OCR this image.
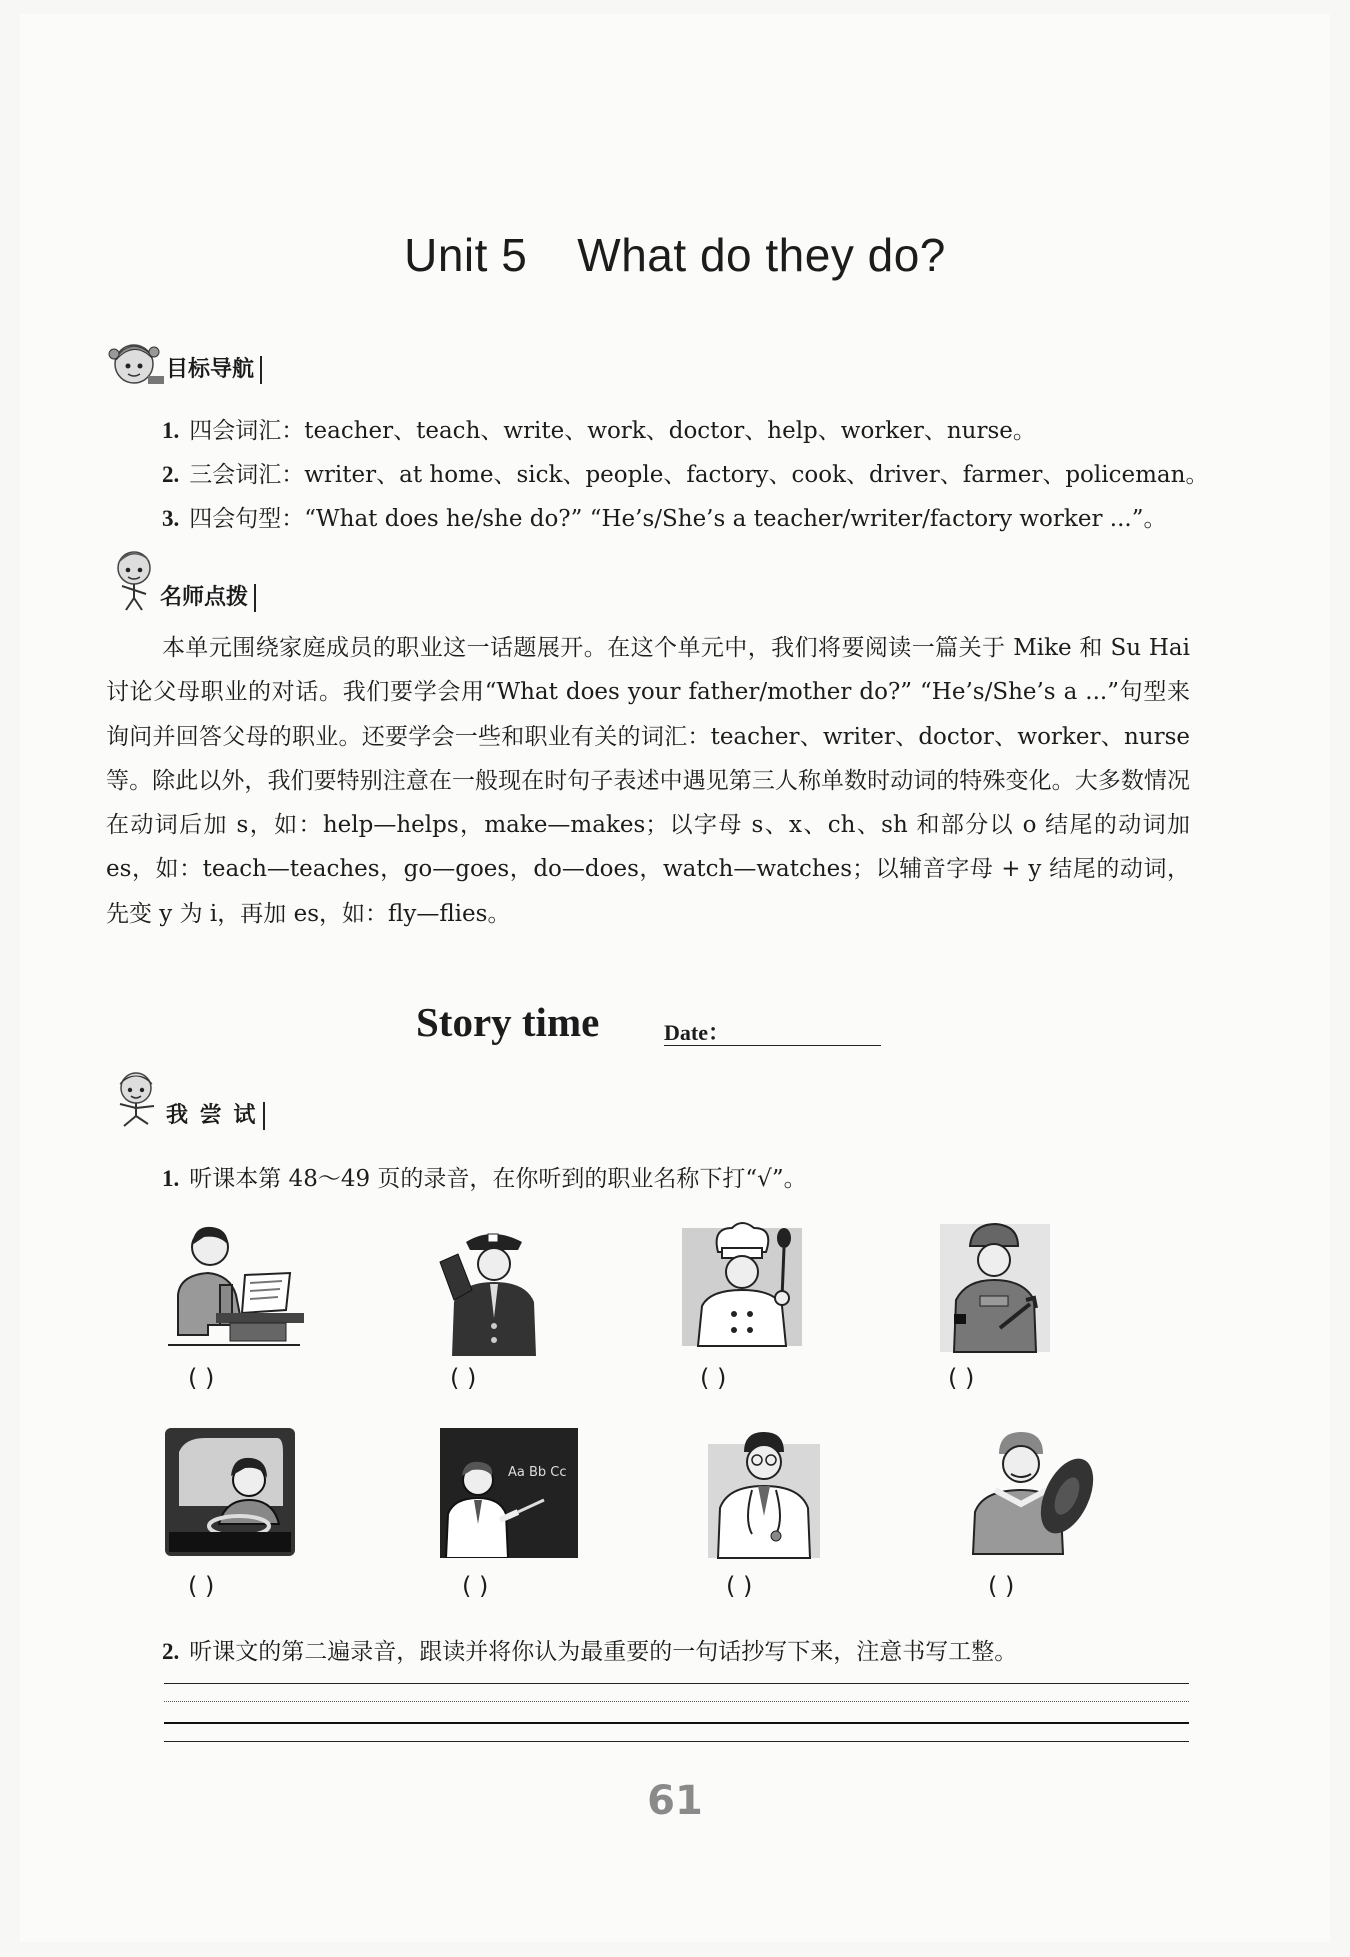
Unit 5 What do they do?
目标导航
1. 四会词汇：teacher、teach、write、work、doctor、help、worker、nurse。
2. 三会词汇：writer、at home、sick、people、factory、cook、driver、farmer、policeman。
3. 四会句型：“What does he/she do?” “He’s/She’s a teacher/writer/factory worker ...”。
名师点拨

本单元围绕家庭成员的职业这一话题展开。在这个单元中，我们将要阅读一篇关于 Mike 和 Su Hai 讨论父母职业的对话。我们要学会用“What does your father/mother do?” “He’s/She’s a ...”句型来询问并回答父母的职业。还要学会一些和职业有关的词汇：teacher、writer、doctor、worker、nurse 等。除此以外，我们要特别注意在一般现在时句子表述中遇见第三人称单数时动词的特殊变化。大多数情况在动词后加 s，如：help—helps，make—makes；以字母 s、x、ch、sh 和部分以 o 结尾的动词加 es，如：teach—teaches，go—goes，do—does，watch—watches；以辅音字母 + y 结尾的动词，先变 y 为 i，再加 es，如：fly—flies。

Story time	Date：
我 尝 试
1. 听课本第 48～49 页的录音，在你听到的职业名称下打“√”。
( )	( )	( )	( )
Aa Bb Cc
( )	( )	( )	( )
2. 听课文的第二遍录音，跟读并将你认为最重要的一句话抄写下来，注意书写工整。
61
